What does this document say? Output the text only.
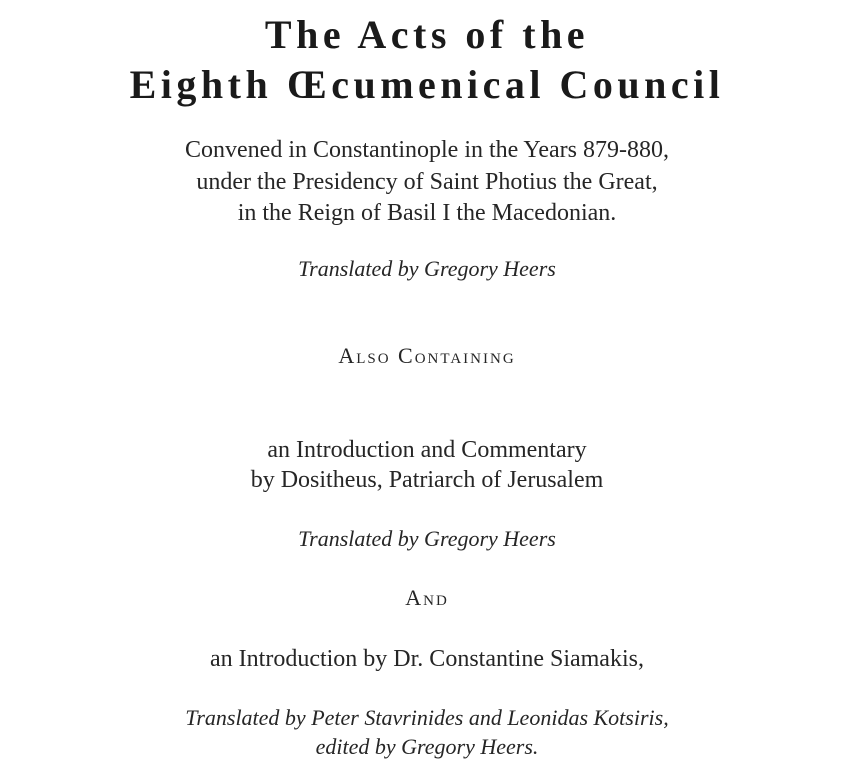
The Acts of the
Eighth Œcumenical Council
Convened in Constantinople in the Years 879-880,
under the Presidency of Saint Photius the Great,
in the Reign of Basil I the Macedonian.
Translated by Gregory Heers
Also Containing
an Introduction and Commentary
by Dositheus, Patriarch of Jerusalem
Translated by Gregory Heers
And
an Introduction by Dr. Constantine Siamakis,
Translated by Peter Stavrinides and Leonidas Kotsiris,
edited by Gregory Heers.
